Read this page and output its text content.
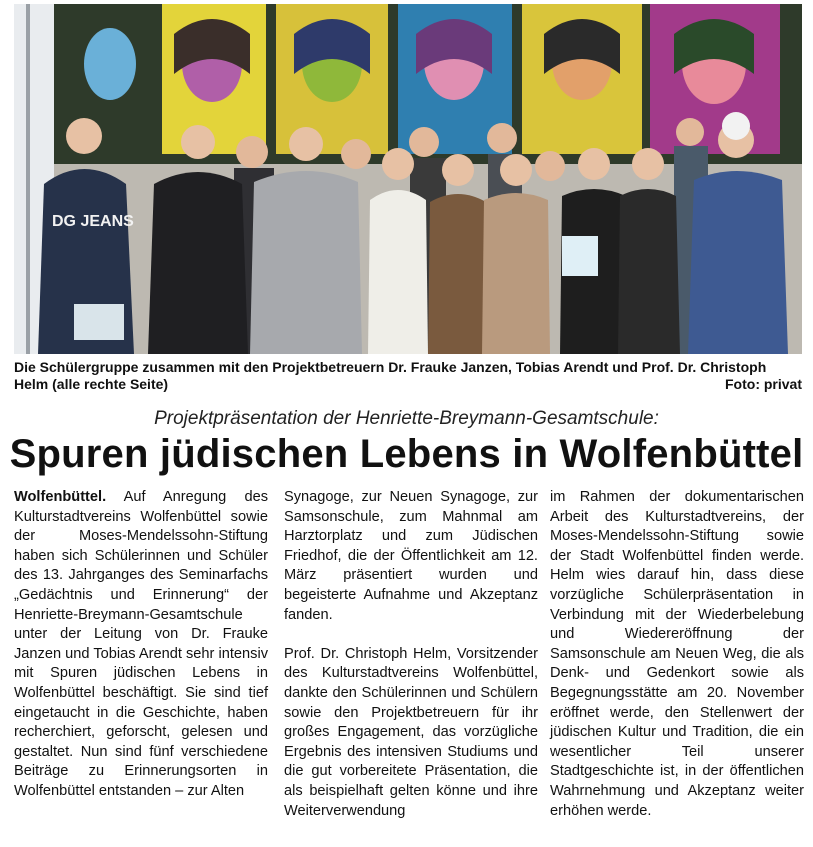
DG JEANS
Die Schülergruppe zusammen mit den Projektbetreuern Dr. Frauke Janzen, Tobias Arendt und Prof. Dr. Christoph Helm (alle rechte Seite)	Foto: privat
Projektpräsentation der Henriette-Breymann-Gesamtschule:
Spuren jüdischen Lebens in Wolfenbüttel

Wolfenbüttel. Auf Anregung des Kulturstadtvereins Wolfenbüttel sowie der Moses-Mendelssohn-Stiftung haben sich Schülerinnen und Schüler des 13. Jahrganges des Seminarfachs „Gedächtnis und Erinnerung“ der Henriette-Breymann-Gesamtschule unter der Leitung von Dr. Frauke Janzen und Tobias Arendt sehr intensiv mit Spuren jüdischen Lebens in Wolfenbüttel beschäftigt. Sie sind tief eingetaucht in die Geschichte, haben recherchiert, geforscht, gelesen und gestaltet. Nun sind fünf verschiedene Beiträge zu Erinnerungsorten in Wolfenbüttel entstanden – zur Alten

Synagoge, zur Neuen Synagoge, zur Samsonschule, zum Mahnmal am Harztorplatz und zum Jüdischen Friedhof, die der Öffentlichkeit am 12. März präsentiert wurden und begeisterte Aufnahme und Akzeptanz fanden.

Prof. Dr. Christoph Helm, Vorsitzender des Kulturstadtvereins Wolfenbüttel, dankte den Schülerinnen und Schülern sowie den Projektbetreuern für ihr großes Engagement, das vorzügliche Ergebnis des intensiven Studiums und die gut vorbereitete Präsentation, die als beispielhaft gelten könne und ihre Weiterverwendung

im Rahmen der dokumentarischen Arbeit des Kulturstadtvereins, der Moses-Mendelssohn-Stiftung sowie der Stadt Wolfenbüttel finden werde. Helm wies darauf hin, dass diese vorzügliche Schülerpräsentation in Verbindung mit der Wiederbelebung und Wiedereröffnung der Samsonschule am Neuen Weg, die als Denk- und Gedenkort sowie als Begegnungsstätte am 20. November eröffnet werde, den Stellenwert der jüdischen Kultur und Tradition, die ein wesentlicher Teil unserer Stadtgeschichte ist, in der öffentlichen Wahrnehmung und Akzeptanz weiter erhöhen werde.
